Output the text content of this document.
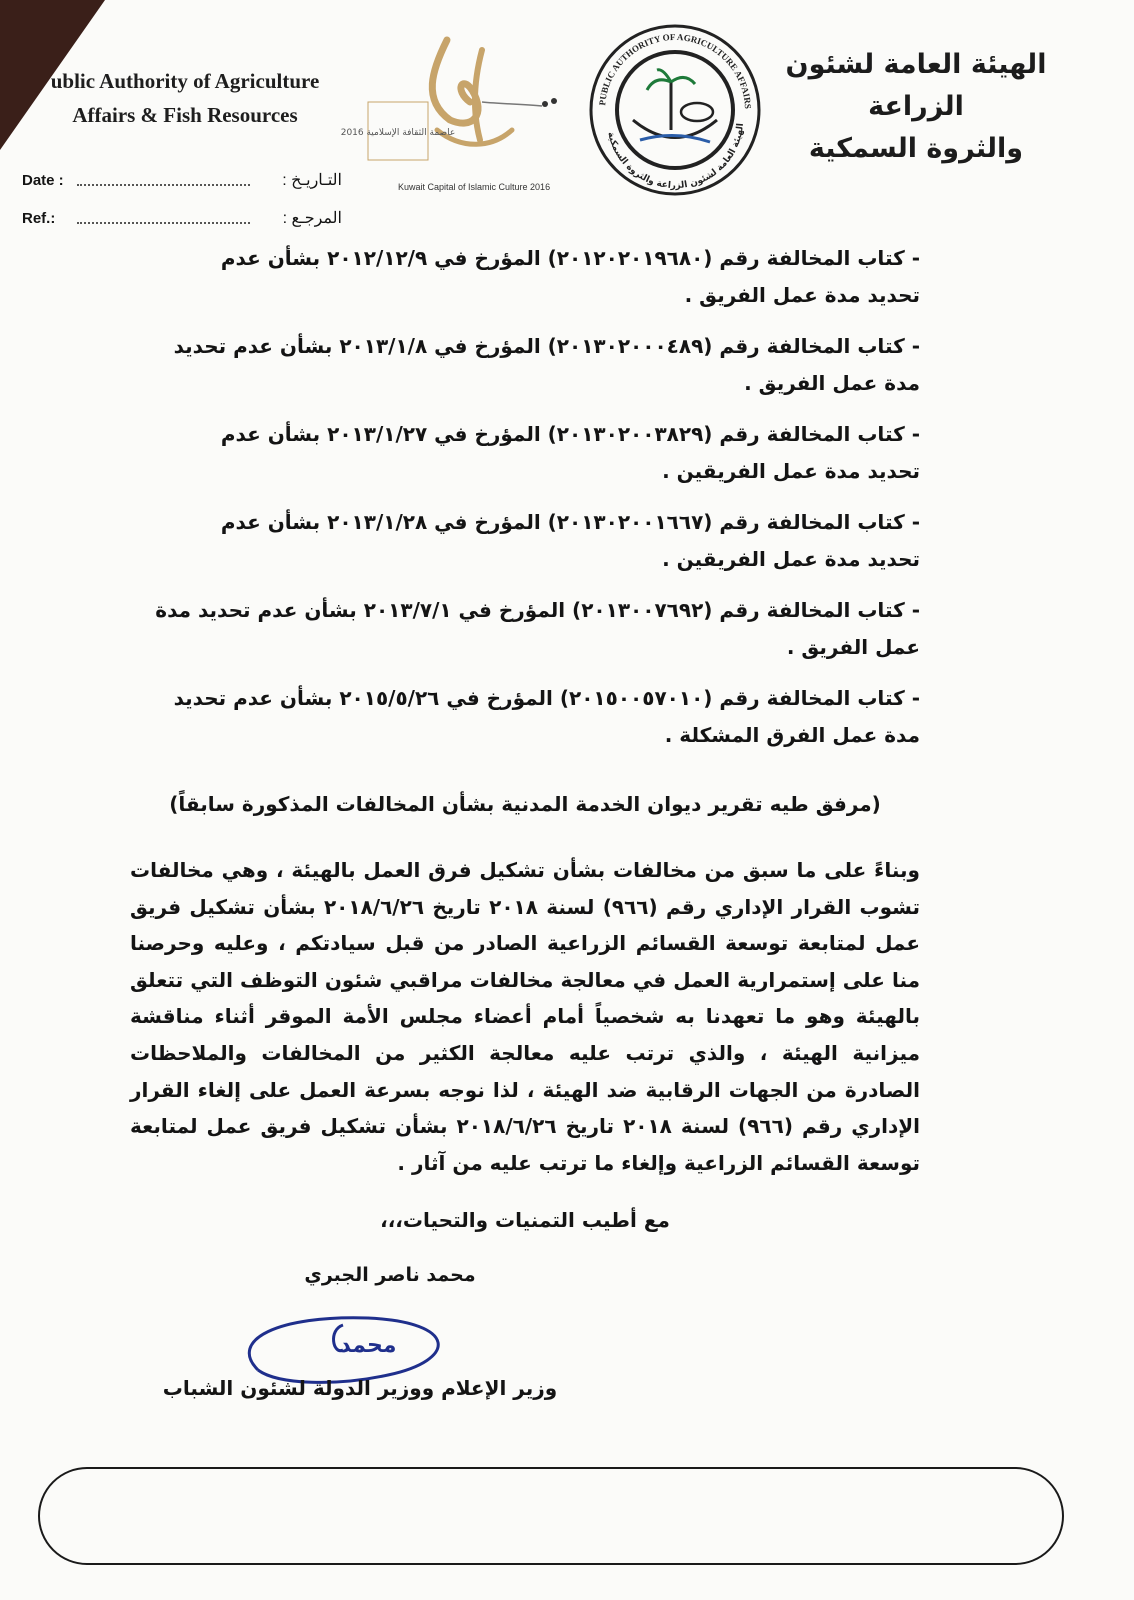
ublic Authority of Agriculture
Affairs & Fish Resources
عاصمة الثقافة الإسلامية 2016
Kuwait Capital of Islamic Culture 2016
PUBLIC AUTHORITY OF AGRICULTURE AFFAIRS
الهيئة العامة لشئون الزراعة والثروة السمكية
الهيئة العامة لشئون الزراعة
والثروة السمكية
Date :	التـاريـخ :
Ref.:	المرجـع :
- كتاب المخالفة رقم (٢٠١٢٠٢٠١٩٦٨٠) المؤرخ في ٢٠١٢/١٢/٩ بشأن عدم
تحديد مدة عمل الفريق .
- كتاب المخالفة رقم (٢٠١٣٠٢٠٠٠٤٨٩) المؤرخ في ٢٠١٣/١/٨ بشأن عدم تحديد
مدة عمل الفريق .
- كتاب المخالفة رقم (٢٠١٣٠٢٠٠٣٨٢٩) المؤرخ في ٢٠١٣/١/٢٧ بشأن عدم
تحديد مدة عمل الفريقين .
- كتاب المخالفة رقم (٢٠١٣٠٢٠٠١٦٦٧) المؤرخ في ٢٠١٣/١/٢٨ بشأن عدم
تحديد مدة عمل الفريقين .
- كتاب المخالفة رقم (٢٠١٣٠٠٧٦٩٢) المؤرخ في ٢٠١٣/٧/١ بشأن عدم تحديد مدة
عمل الفريق .
- كتاب المخالفة رقم (٢٠١٥٠٠٥٧٠١٠) المؤرخ في ٢٠١٥/٥/٢٦ بشأن عدم تحديد
مدة عمل الفرق المشكلة .
(مرفق طيه تقرير ديوان الخدمة المدنية بشأن المخالفات المذكورة سابقاً)
وبناءً على ما سبق من مخالفات بشأن تشكيل فرق العمل بالهيئة ، وهي مخالفات تشوب القرار الإداري رقم (٩٦٦) لسنة ٢٠١٨ تاريخ ٢٠١٨/٦/٢٦ بشأن تشكيل فريق عمل لمتابعة توسعة القسائم الزراعية الصادر من قبل سيادتكم ، وعليه وحرصنا منا على إستمرارية العمل في معالجة مخالفات مراقبي شئون التوظف التي تتعلق بالهيئة وهو ما تعهدنا به شخصياً أمام أعضاء مجلس الأمة الموقر أثناء مناقشة ميزانية الهيئة ، والذي ترتب عليه معالجة الكثير من المخالفات والملاحظات الصادرة من الجهات الرقابية ضد الهيئة ، لذا نوجه بسرعة العمل على إلغاء القرار الإداري رقم (٩٦٦) لسنة ٢٠١٨ تاريخ ٢٠١٨/٦/٢٦ بشأن تشكيل فريق عمل لمتابعة توسعة القسائم الزراعية وإلغاء ما ترتب عليه من آثار .
مع أطيب التمنيات والتحيات،،،
محمد ناصر الجبري
محمد
وزير الإعلام ووزير الدولة لشئون الشباب
